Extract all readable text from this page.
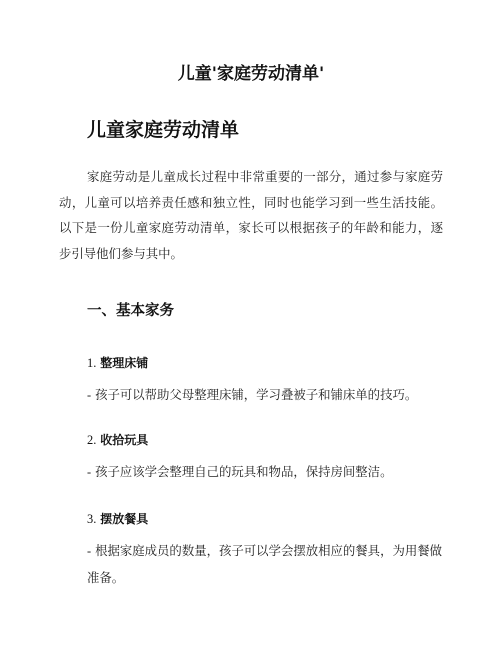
儿童'家庭劳动清单'
儿童家庭劳动清单

家庭劳动是儿童成长过程中非常重要的一部分，通过参与家庭劳动，儿童可以培养责任感和独立性，同时也能学习到一些生活技能。以下是一份儿童家庭劳动清单，家长可以根据孩子的年龄和能力，逐步引导他们参与其中。

一、基本家务
1. 整理床铺

- 孩子可以帮助父母整理床铺，学习叠被子和铺床单的技巧。

2. 收拾玩具

- 孩子应该学会整理自己的玩具和物品，保持房间整洁。

3. 摆放餐具

- 根据家庭成员的数量，孩子可以学会摆放相应的餐具，为用餐做准备。
